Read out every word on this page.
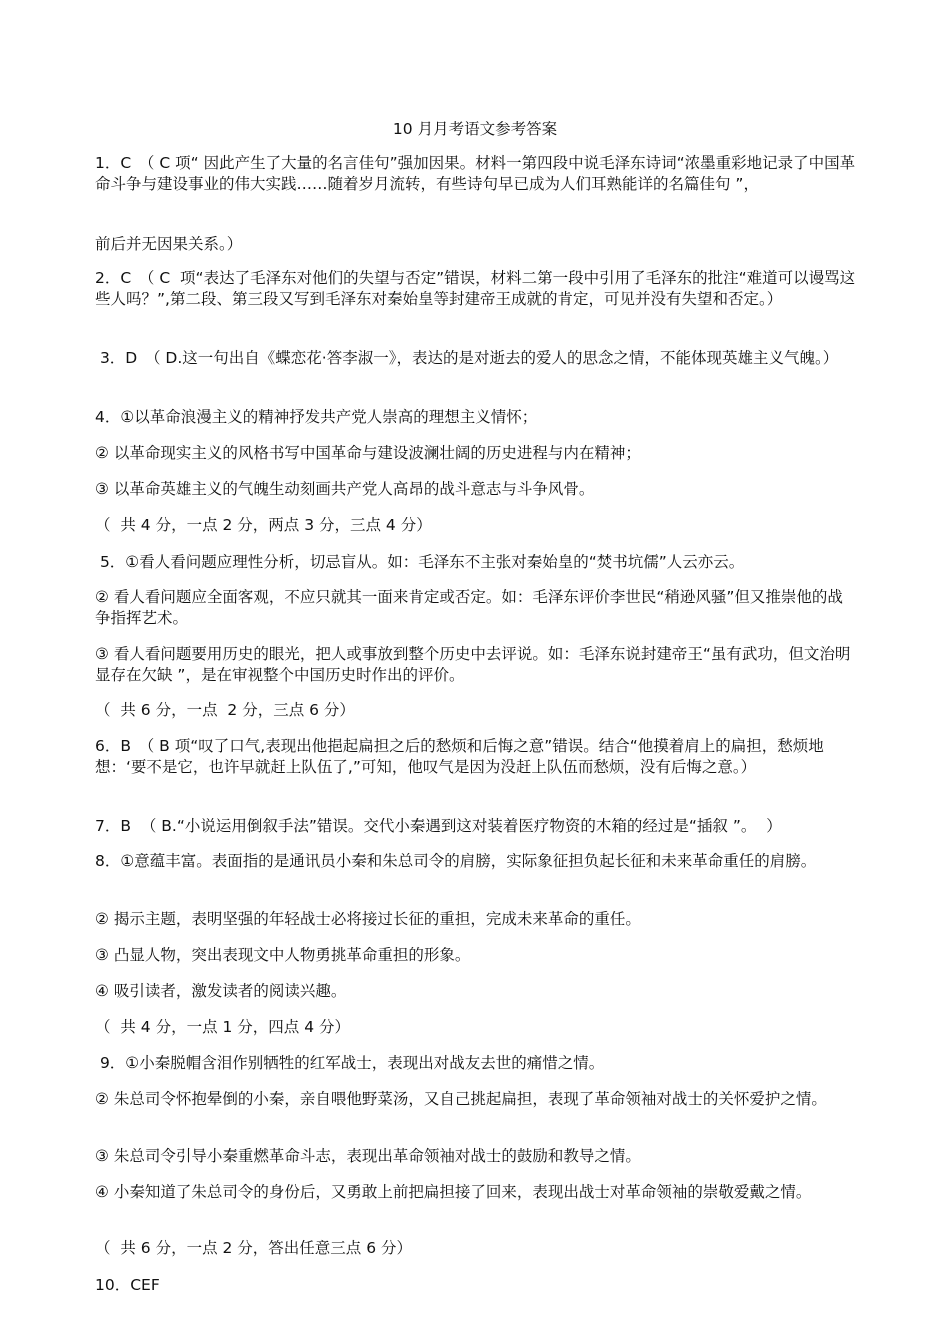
10 月月考语文参考答案
1．C　（ C 项“ 因此产生了大量的名言佳句”强加因果。材料一第四段中说毛泽东诗词“浓墨重彩地记录了中国革命斗争与建设事业的伟大实践……随着岁月流转，有些诗句早已成为人们耳熟能详的名篇佳句 ”，
前后并无因果关系。）
2．C　（ C  项“表达了毛泽东对他们的失望与否定”错误，材料二第一段中引用了毛泽东的批注“难道可以谩骂这些人吗？”,第二段、第三段又写到毛泽东对秦始皇等封建帝王成就的肯定，可见并没有失望和否定。）
3．D　（ D.这一句出自《蝶恋花·答李淑一》，表达的是对逝去的爱人的思念之情，不能体现英雄主义气魄。）
4．①以革命浪漫主义的精神抒发共产党人崇高的理想主义情怀；
② 以革命现实主义的风格书写中国革命与建设波澜壮阔的历史进程与内在精神；
③ 以革命英雄主义的气魄生动刻画共产党人高昂的战斗意志与斗争风骨。
（  共 4 分，一点 2 分，两点 3 分，三点 4 分）
5．①看人看问题应理性分析，切忌盲从。如：毛泽东不主张对秦始皇的“焚书坑儒”人云亦云。
② 看人看问题应全面客观，不应只就其一面来肯定或否定。如：毛泽东评价李世民“稍逊风骚”但又推崇他的战争指挥艺术。
③ 看人看问题要用历史的眼光，把人或事放到整个历史中去评说。如：毛泽东说封建帝王“虽有武功，但文治明显存在欠缺 ”，是在审视整个中国历史时作出的评价。
（  共 6 分，一点  2 分，三点 6 分）
6．B　（ B 项“叹了口气,表现出他挹起扁担之后的愁烦和后悔之意”错误。结合“他摸着肩上的扁担，愁烦地想：‘要不是它，也许早就赶上队伍了,”可知，他叹气是因为没赶上队伍而愁烦，没有后悔之意。）
7．B  （ B.“小说运用倒叙手法”错误。交代小秦遇到这对装着医疗物资的木箱的经过是“插叙 ”。  ）
8．①意蕴丰富。表面指的是通讯员小秦和朱总司令的肩膀，实际象征担负起长征和未来革命重任的肩膀。
② 揭示主题，表明坚强的年轻战士必将接过长征的重担，完成未来革命的重任。
③ 凸显人物，突出表现文中人物勇挑革命重担的形象。
④ 吸引读者，激发读者的阅读兴趣。
（  共 4 分，一点 1 分，四点 4 分）
9．①小秦脱帽含泪作别牺牲的红军战士，表现出对战友去世的痛惜之情。
② 朱总司令怀抱晕倒的小秦，亲自喂他野菜汤，又自己挑起扁担，表现了革命领袖对战士的关怀爱护之情。
③ 朱总司令引导小秦重燃革命斗志，表现出革命领袖对战士的鼓励和教导之情。
④ 小秦知道了朱总司令的身份后，又勇敢上前把扁担接了回来，表现出战士对革命领袖的崇敬爱戴之情。
（  共 6 分，一点 2 分，答出任意三点 6 分）
10．CEF
